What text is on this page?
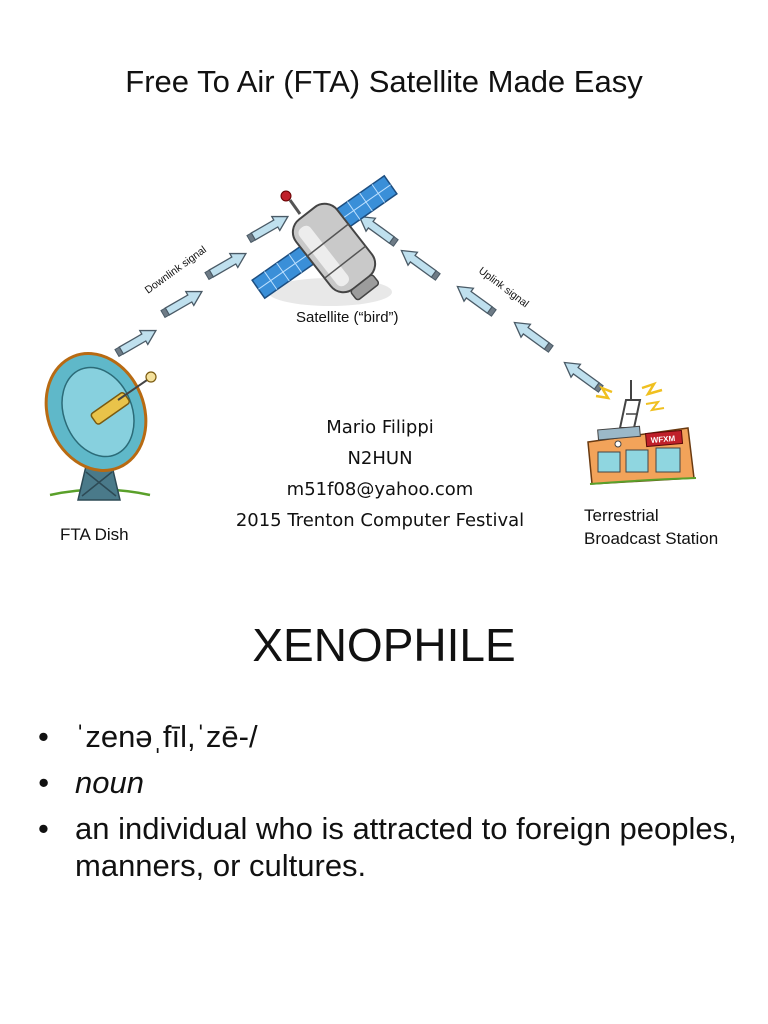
Free To Air (FTA) Satellite Made Easy
Downlink signal	Uplink signal
WFXM
Satellite (“bird”)
FTA Dish
Terrestrial
Broadcast Station
Mario Filippi
N2HUN
m51f08@yahoo.com
2015 Trenton Computer Festival
XENOPHILE
• ˈzenəˌfīl,ˈzē-/
• noun
• an individual who is attracted to foreign peoples, manners, or cultures.
